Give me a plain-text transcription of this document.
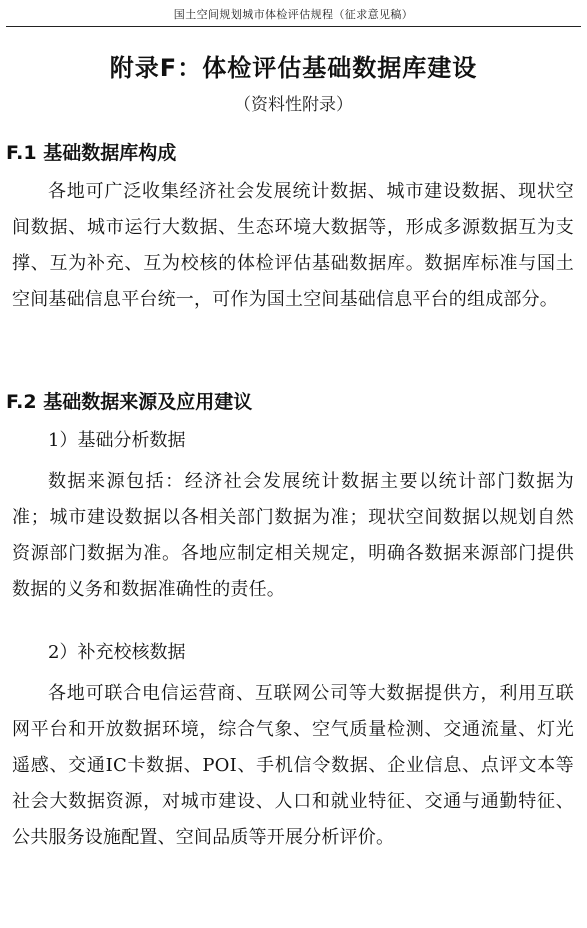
国土空间规划城市体检评估规程（征求意见稿）
附录F：体检评估基础数据库建设
（资料性附录）
F.1 基础数据库构成
各地可广泛收集经济社会发展统计数据、城市建设数据、现状空间数据、城市运行大数据、生态环境大数据等，形成多源数据互为支撑、互为补充、互为校核的体检评估基础数据库。数据库标准与国土空间基础信息平台统一，可作为国土空间基础信息平台的组成部分。
F.2 基础数据来源及应用建议
1）基础分析数据
数据来源包括：经济社会发展统计数据主要以统计部门数据为准；城市建设数据以各相关部门数据为准；现状空间数据以规划自然资源部门数据为准。各地应制定相关规定，明确各数据来源部门提供数据的义务和数据准确性的责任。
2）补充校核数据
各地可联合电信运营商、互联网公司等大数据提供方，利用互联网平台和开放数据环境，综合气象、空气质量检测、交通流量、灯光遥感、交通IC卡数据、POI、手机信令数据、企业信息、点评文本等社会大数据资源，对城市建设、人口和就业特征、交通与通勤特征、公共服务设施配置、空间品质等开展分析评价。
